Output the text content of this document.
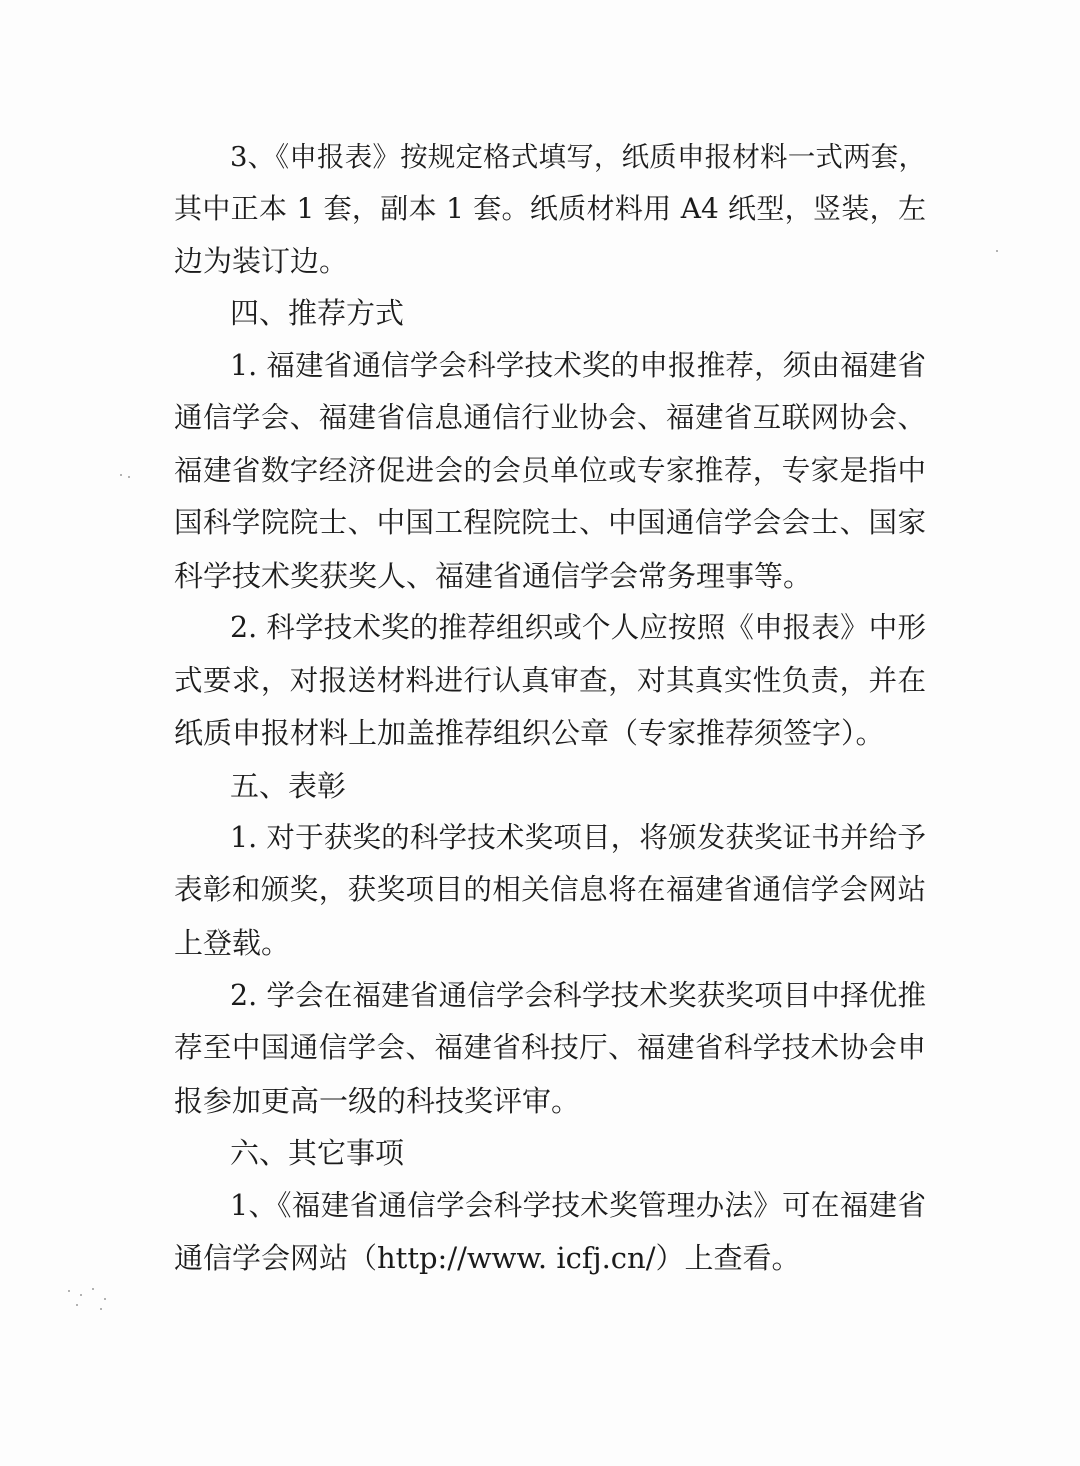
3、《申报表》按规定格式填写，纸质申报材料一式两套，
其中正本 1 套，副本 1 套。纸质材料用 A4 纸型，竖装，左
边为装订边。
四、推荐方式
1. 福建省通信学会科学技术奖的申报推荐，须由福建省
通信学会、福建省信息通信行业协会、福建省互联网协会、
福建省数字经济促进会的会员单位或专家推荐，专家是指中
国科学院院士、中国工程院院士、中国通信学会会士、国家
科学技术奖获奖人、福建省通信学会常务理事等。
2. 科学技术奖的推荐组织或个人应按照《申报表》中形
式要求，对报送材料进行认真审查，对其真实性负责，并在
纸质申报材料上加盖推荐组织公章（专家推荐须签字）。
五、表彰
1. 对于获奖的科学技术奖项目，将颁发获奖证书并给予
表彰和颁奖，获奖项目的相关信息将在福建省通信学会网站
上登载。
2. 学会在福建省通信学会科学技术奖获奖项目中择优推
荐至中国通信学会、福建省科技厅、福建省科学技术协会申
报参加更高一级的科技奖评审。
六、其它事项
1、《福建省通信学会科学技术奖管理办法》可在福建省
通信学会网站（http://www. icfj.cn/）上查看。
